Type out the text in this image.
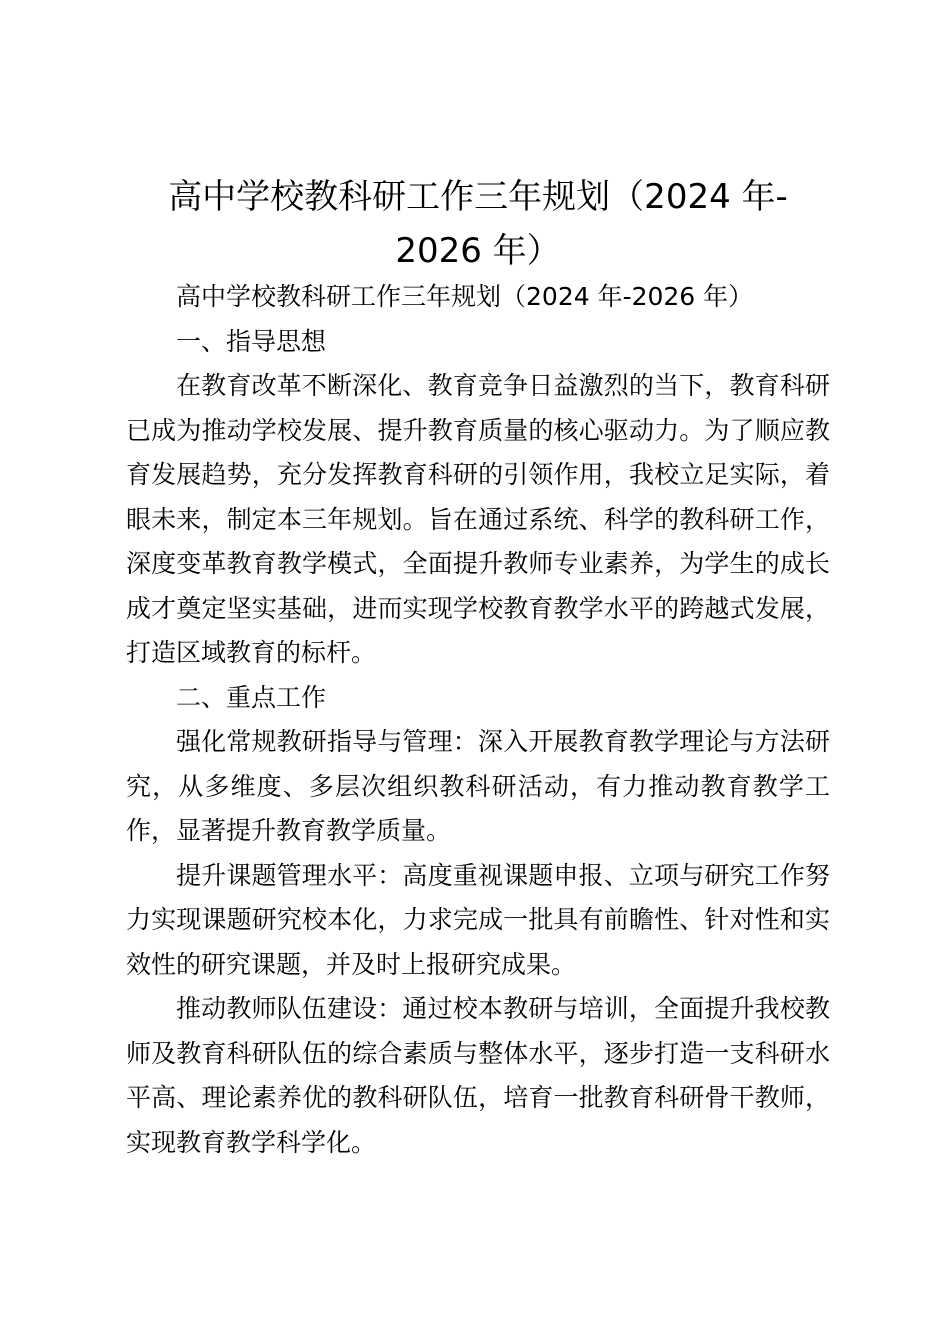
高中学校教科研工作三年规划（2024 年-
2026 年）

高中学校教科研工作三年规划（2024 年-2026 年）

一、指导思想

在教育改革不断深化、教育竞争日益激烈的当下，教育科研已成为推动学校发展、提升教育质量的核心驱动力。为了顺应教育发展趋势，充分发挥教育科研的引领作用，我校立足实际，着眼未来，制定本三年规划。旨在通过系统、科学的教科研工作，深度变革教育教学模式，全面提升教师专业素养，为学生的成长成才奠定坚实基础，进而实现学校教育教学水平的跨越式发展，打造区域教育的标杆。

二、重点工作

强化常规教研指导与管理：深入开展教育教学理论与方法研究，从多维度、多层次组织教科研活动，有力推动教育教学工作，显著提升教育教学质量。

提升课题管理水平：高度重视课题申报、立项与研究工作努力实现课题研究校本化，力求完成一批具有前瞻性、针对性和实效性的研究课题，并及时上报研究成果。

推动教师队伍建设：通过校本教研与培训，全面提升我校教师及教育科研队伍的综合素质与整体水平，逐步打造一支科研水平高、理论素养优的教科研队伍，培育一批教育科研骨干教师，实现教育教学科学化。
